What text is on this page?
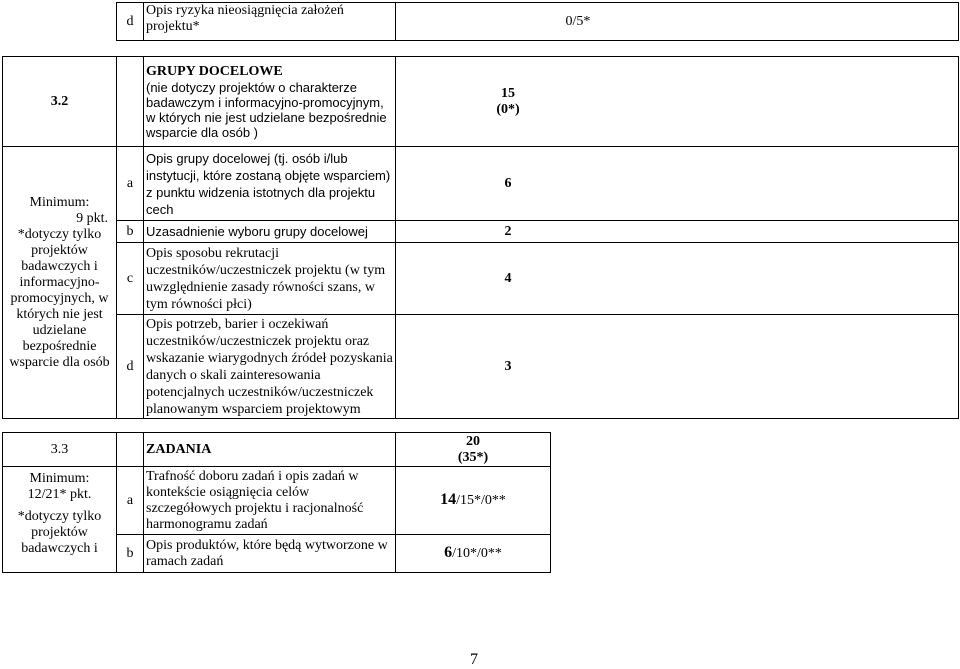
d	Opis ryzyka nieosiągnięcia założeń projektu*	0/5*
3.2		GRUPY DOCELOWE
(nie dotyczy projektów o charakterze badawczym i informacyjno-promocyjnym, w których nie jest udzielane bezpośrednie wsparcie dla osób )	15
(0*)

Minimum:
9 pkt.
*dotyczy tylko projektów badawczych i informacyjno-promocyjnych, w których nie jest udzielane bezpośrednie wsparcie dla osób	a	Opis grupy docelowej (tj. osób i/lub instytucji, które zostaną objęte wsparciem) z punktu widzenia istotnych dla projektu cech	6
	b	Uzasadnienie wyboru grupy docelowej	2
	c	Opis sposobu rekrutacji uczestników/uczestniczek projektu (w tym uwzględnienie zasady równości szans, w tym równości płci)	4
	d	Opis potrzeb, barier i oczekiwań uczestników/uczestniczek projektu oraz wskazanie wiarygodnych źródeł pozyskania danych o skali zainteresowania potencjalnych uczestników/uczestniczek planowanym wsparciem projektowym	3
3.3		ZADANIA	20
(35*)

Minimum:
12/21* pkt.
*dotyczy tylko projektów badawczych i	a	Trafność doboru zadań i opis zadań w kontekście osiągnięcia celów szczegółowych projektu i racjonalność harmonogramu zadań	14/15*/0**
	b	Opis produktów, które będą wytworzone w ramach zadań	6/10*/0**
7
